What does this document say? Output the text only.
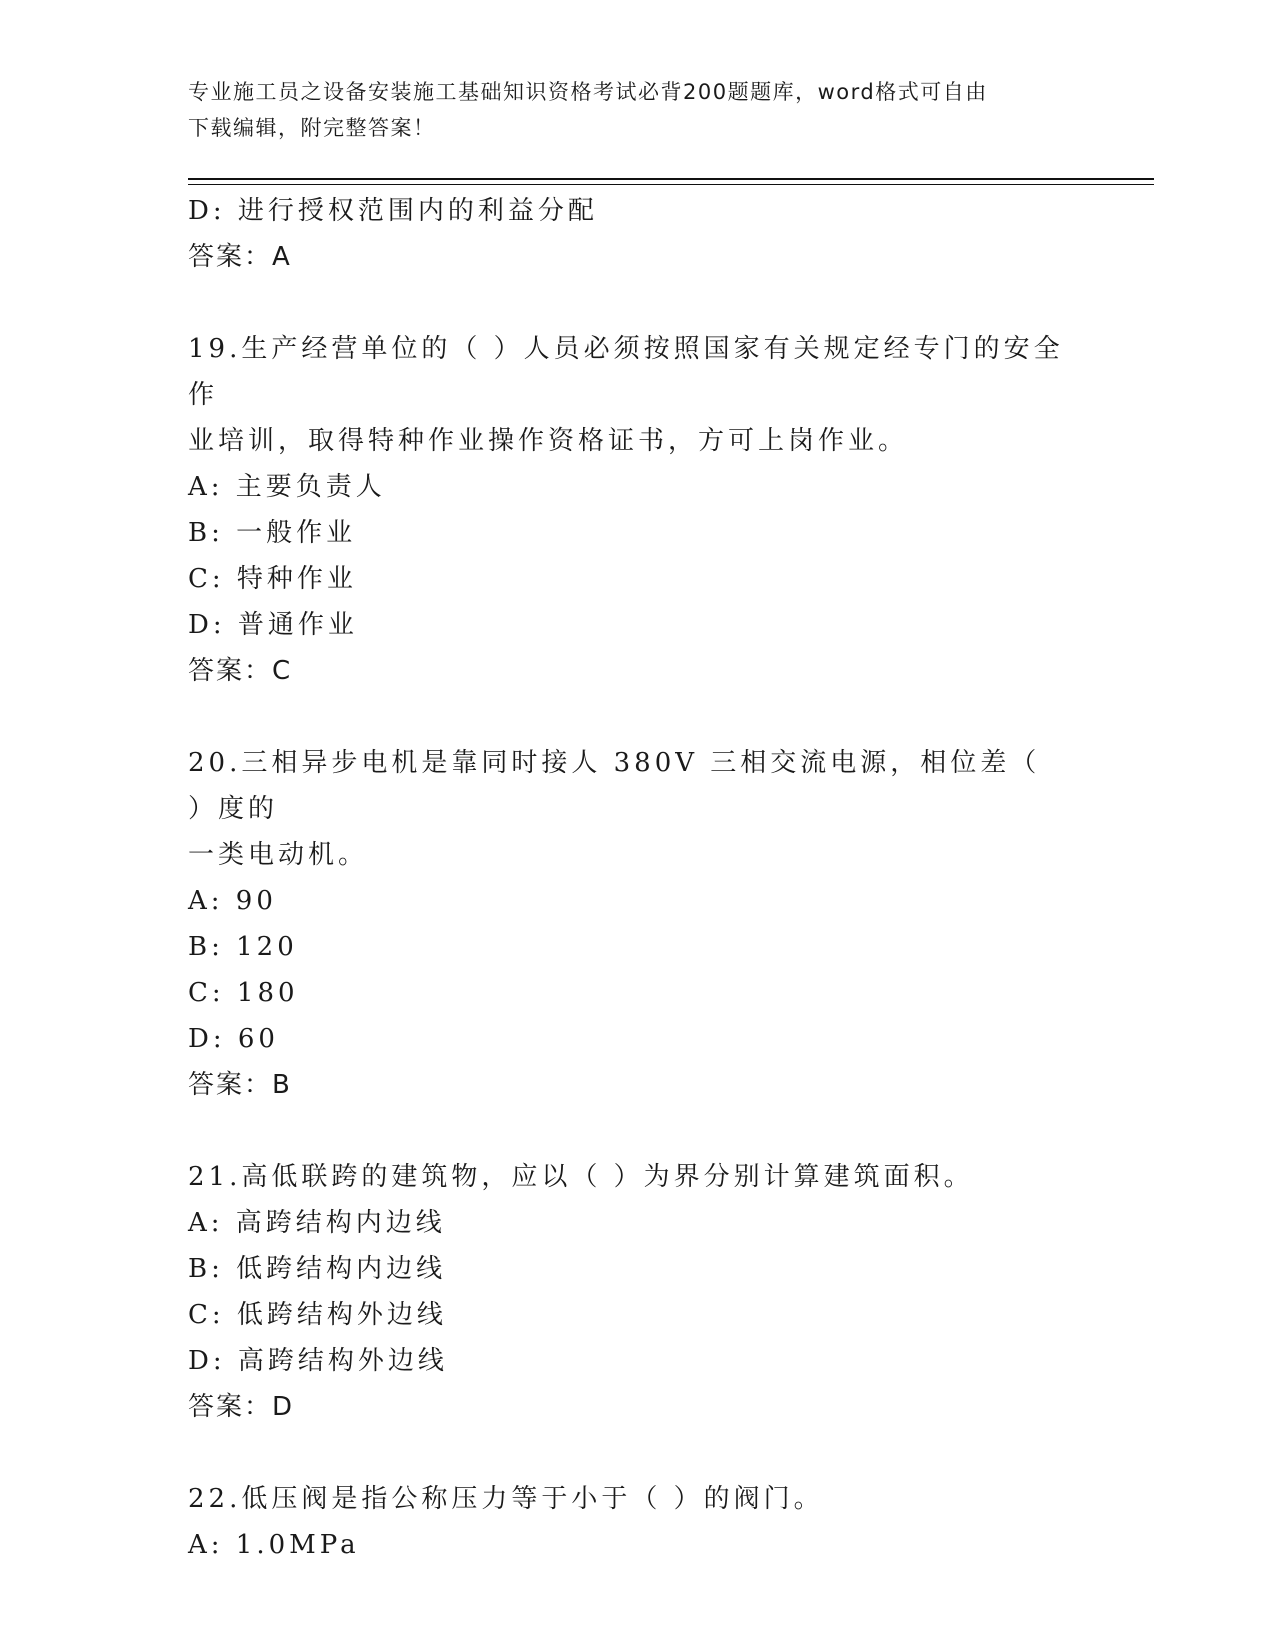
专业施工员之设备安装施工基础知识资格考试必背200题题库，word格式可自由
下载编辑，附完整答案！
D: 进行授权范围内的利益分配
答案：A
19.生产经营单位的（ ）人员必须按照国家有关规定经专门的安全作
业培训，取得特种作业操作资格证书，方可上岗作业。
A: 主要负责人
B: 一般作业
C: 特种作业
D: 普通作业
答案：C
20.三相异步电机是靠同时接人 380V 三相交流电源，相位差（ ）度的
一类电动机。
A: 90
B: 120
C: 180
D: 60
答案：B
21.高低联跨的建筑物，应以（ ）为界分别计算建筑面积。
A: 高跨结构内边线
B: 低跨结构内边线
C: 低跨结构外边线
D: 高跨结构外边线
答案：D
22.低压阀是指公称压力等于小于（ ）的阀门。
A: 1.0MPa
